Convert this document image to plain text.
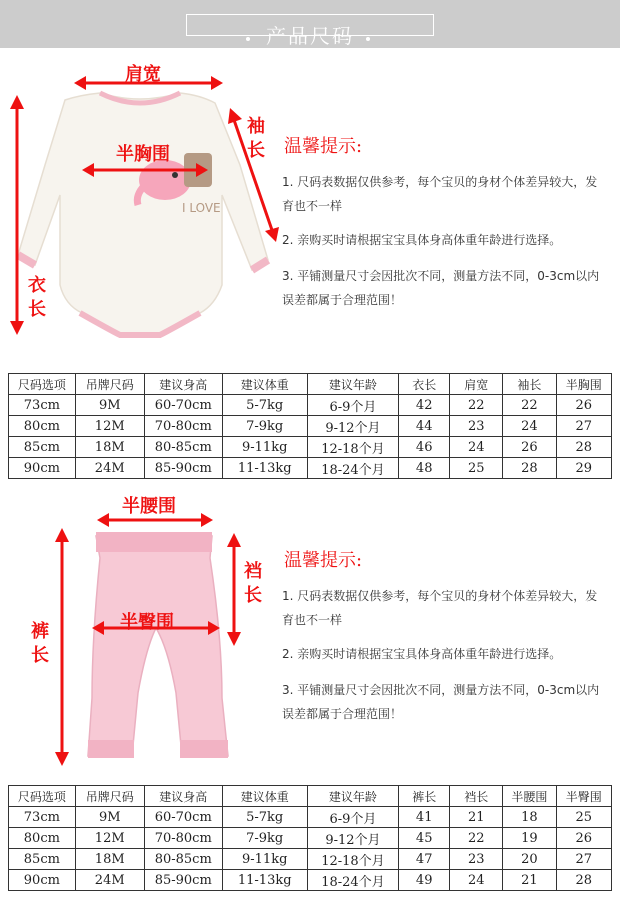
产品尺码
I LOVE
肩宽
半胸围
袖长
衣长
温馨提示:
1. 尺码表数据仅供参考，每个宝贝的身材个体差异较大，发育也不一样
2. 亲购买时请根据宝宝具体身高体重年龄进行选择。
3. 平铺测量尺寸会因批次不同，测量方法不同，0-3cm以内误差都属于合理范围！
尺码选项	吊牌尺码	建议身高	建议体重	建议年龄	衣长	肩宽	袖长	半胸围
73cm	9M	60-70cm	5-7kg	6-9个月	42	22	22	26
80cm	12M	70-80cm	7-9kg	9-12个月	44	23	24	27
85cm	18M	80-85cm	9-11kg	12-18个月	46	24	26	28
90cm	24M	85-90cm	11-13kg	18-24个月	48	25	28	29
半腰围
半臀围
裆长
裤长
温馨提示:
1. 尺码表数据仅供参考，每个宝贝的身材个体差异较大，发育也不一样
2. 亲购买时请根据宝宝具体身高体重年龄进行选择。
3. 平铺测量尺寸会因批次不同，测量方法不同，0-3cm以内误差都属于合理范围！
尺码选项	吊牌尺码	建议身高	建议体重	建议年龄	裤长	裆长	半腰围	半臀围
73cm	9M	60-70cm	5-7kg	6-9个月	41	21	18	25
80cm	12M	70-80cm	7-9kg	9-12个月	45	22	19	26
85cm	18M	80-85cm	9-11kg	12-18个月	47	23	20	27
90cm	24M	85-90cm	11-13kg	18-24个月	49	24	21	28
